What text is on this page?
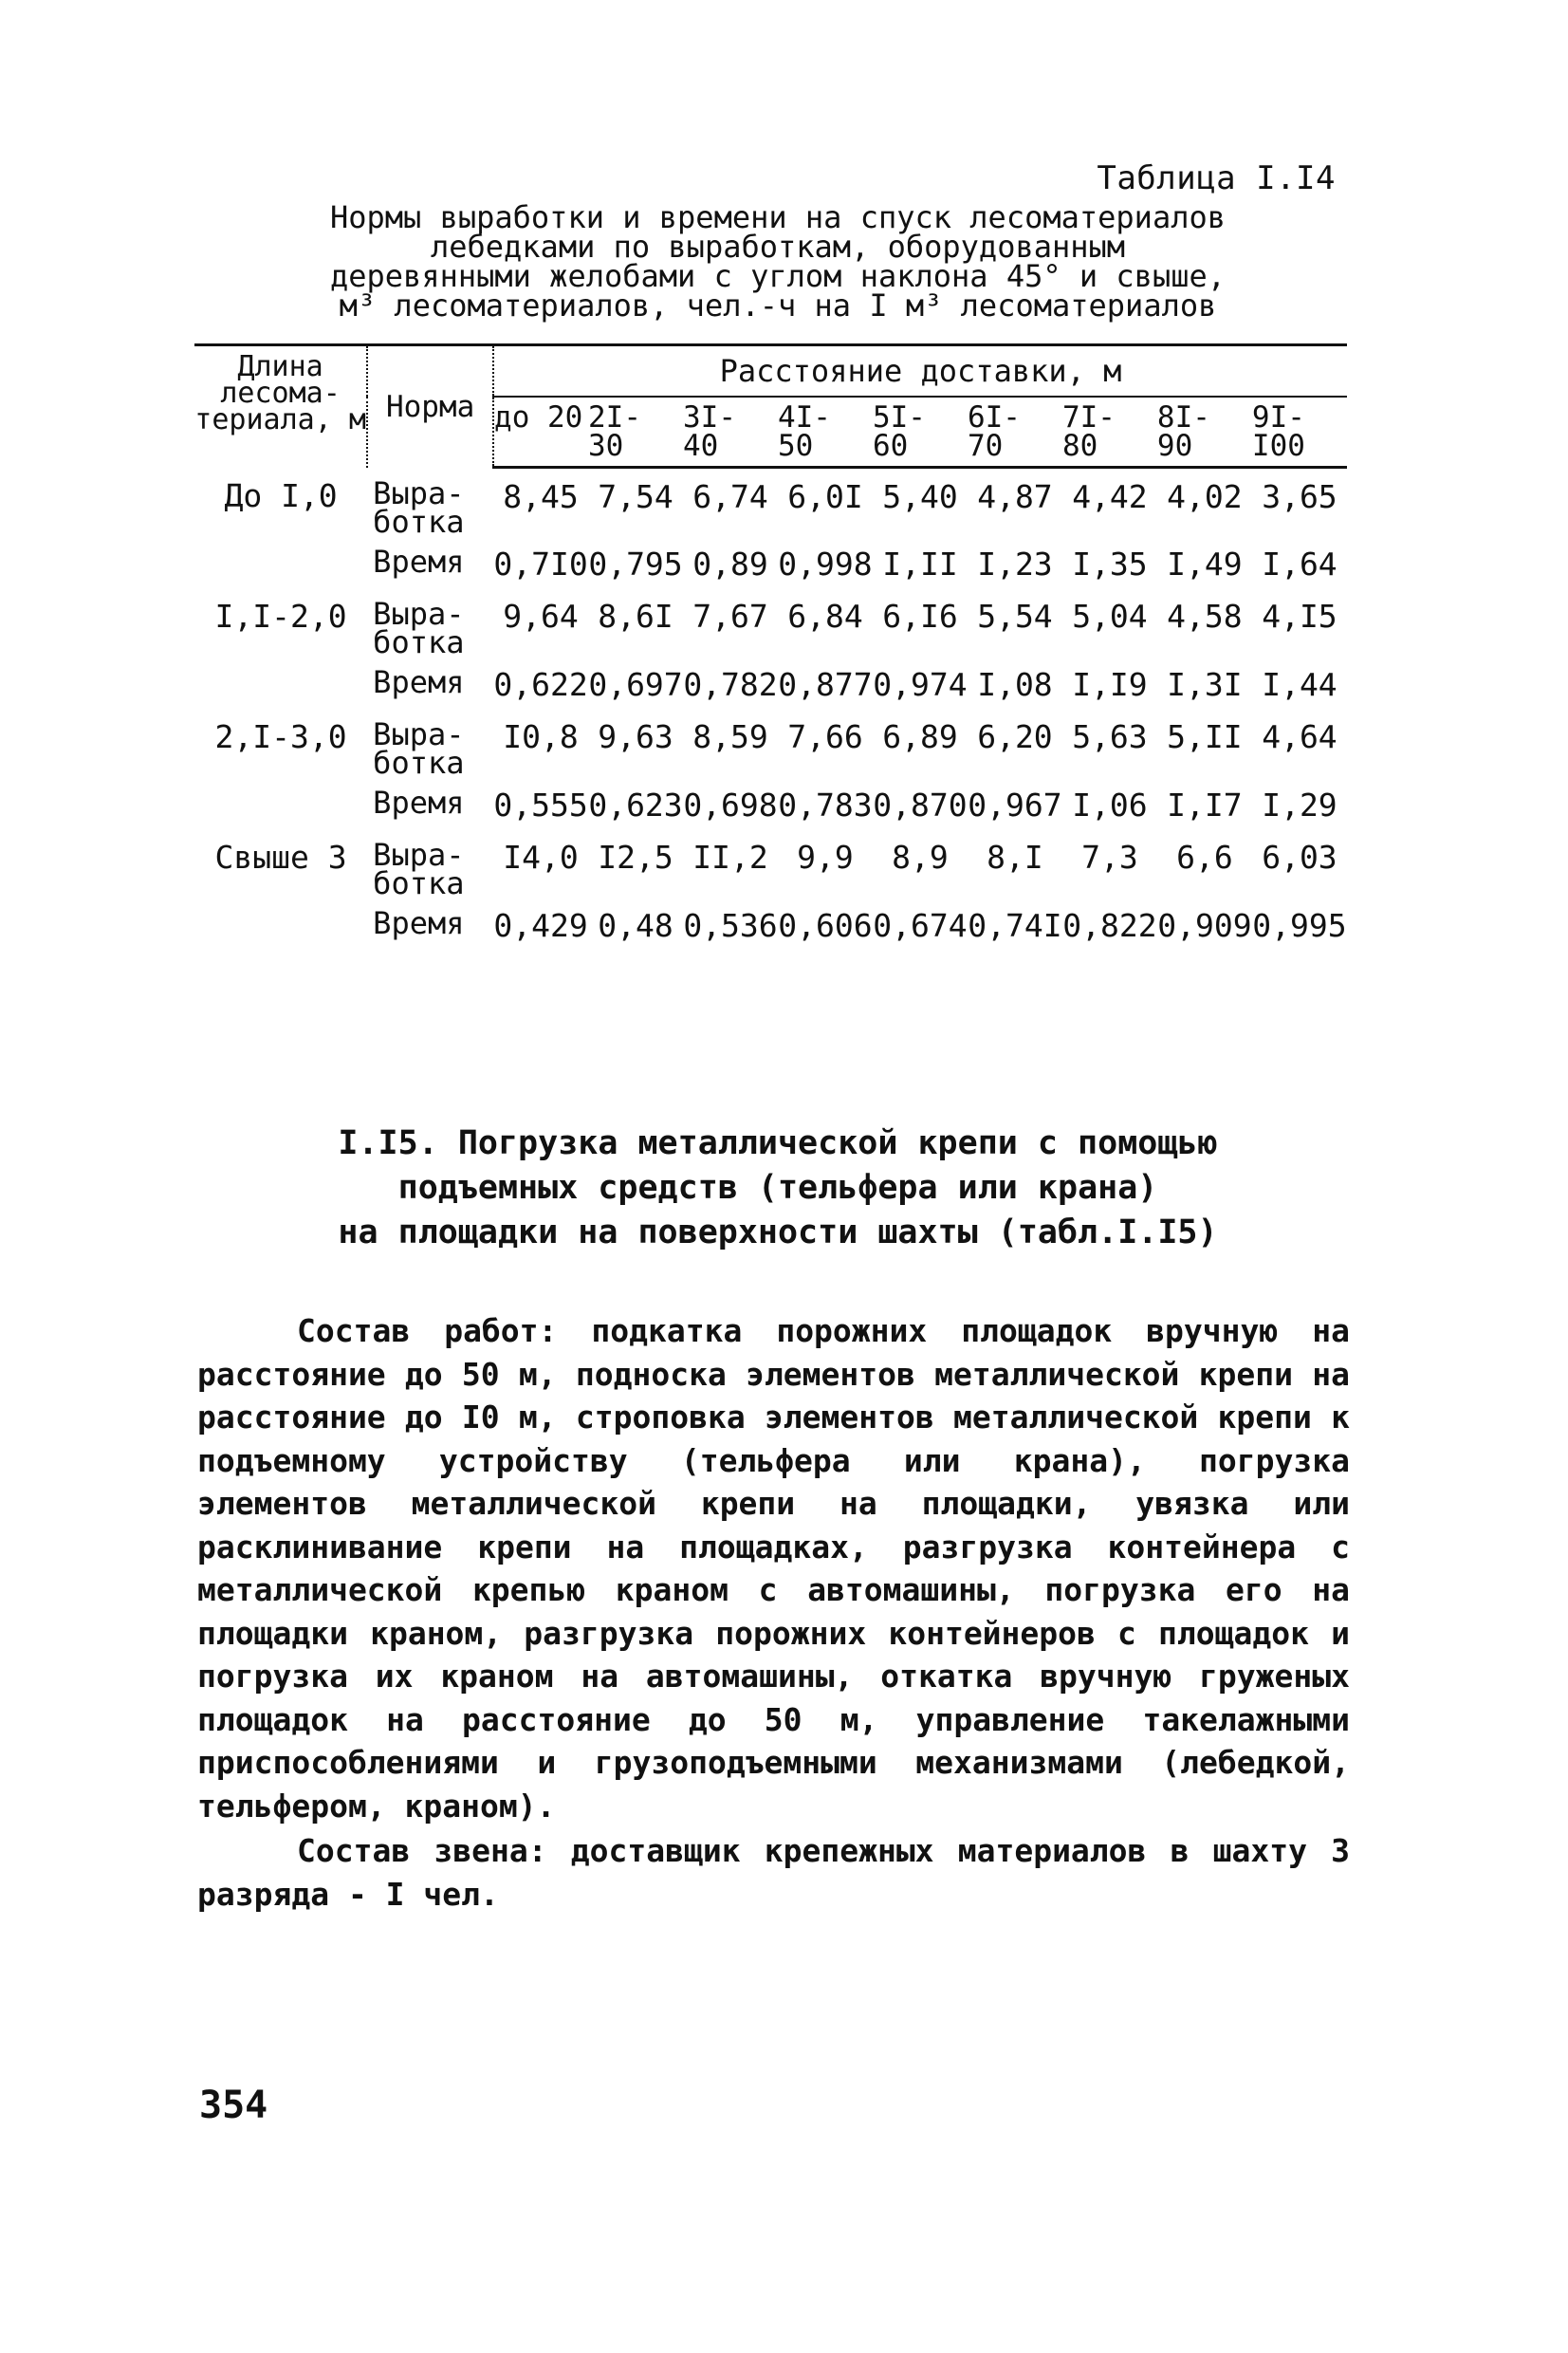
Таблица I.I4
Нормы выработки и времени на спуск лесоматериалов
лебедками по выработкам, оборудованным
деревянными желобами с углом наклона 45° и свыше,
м³ лесоматериалов, чел.-ч на I м³ лесоматериалов
Длина лесома- териала, м	Норма	Расстояние доставки, м								
		до 20	2I- 30	3I- 40	4I- 50	5I- 60	6I- 70	7I- 80	8I- 90	9I- I00
До I,0	Выра- ботка	8,45	7,54	6,74	6,0I	5,40	4,87	4,42	4,02	3,65
	Время	0,7I0	0,795	0,89	0,998	I,II	I,23	I,35	I,49	I,64
I,I-2,0	Выра- ботка	9,64	8,6I	7,67	6,84	6,I6	5,54	5,04	4,58	4,I5
	Время	0,622	0,697	0,782	0,877	0,974	I,08	I,I9	I,3I	I,44
2,I-3,0	Выра- ботка	I0,8	9,63	8,59	7,66	6,89	6,20	5,63	5,II	4,64
	Время	0,555	0,623	0,698	0,783	0,870	0,967	I,06	I,I7	I,29
Свыше 3	Выра- ботка	I4,0	I2,5	II,2	9,9	8,9	8,I	7,3	6,6	6,03
	Время	0,429	0,48	0,536	0,606	0,674	0,74I	0,822	0,909	0,995
I.I5. Погрузка металлической крепи с помощью
подъемных средств (тельфера или крана)
на площадки на поверхности шахты (табл.I.I5)

Состав работ: подкатка порожних площадок вручную на расстояние до 50 м, подноска элементов металлической крепи на расстояние до I0 м, строповка элементов металлической крепи к подъемному устройству (тельфера или крана), погрузка элементов металлической крепи на площадки, увязка или расклинивание крепи на площадках, разгрузка контейнера с металлической крепью краном с автомашины, погрузка его на площадки краном, разгрузка порожних контейнеров с площадок и погрузка их краном на автомашины, откатка вручную груженых площадок на расстояние до 50 м, управление такелажными приспособлениями и грузоподъемными механизмами (лебедкой, тельфером, краном).

Состав звена: доставщик крепежных материалов в шахту 3 разряда - I чел.

354
